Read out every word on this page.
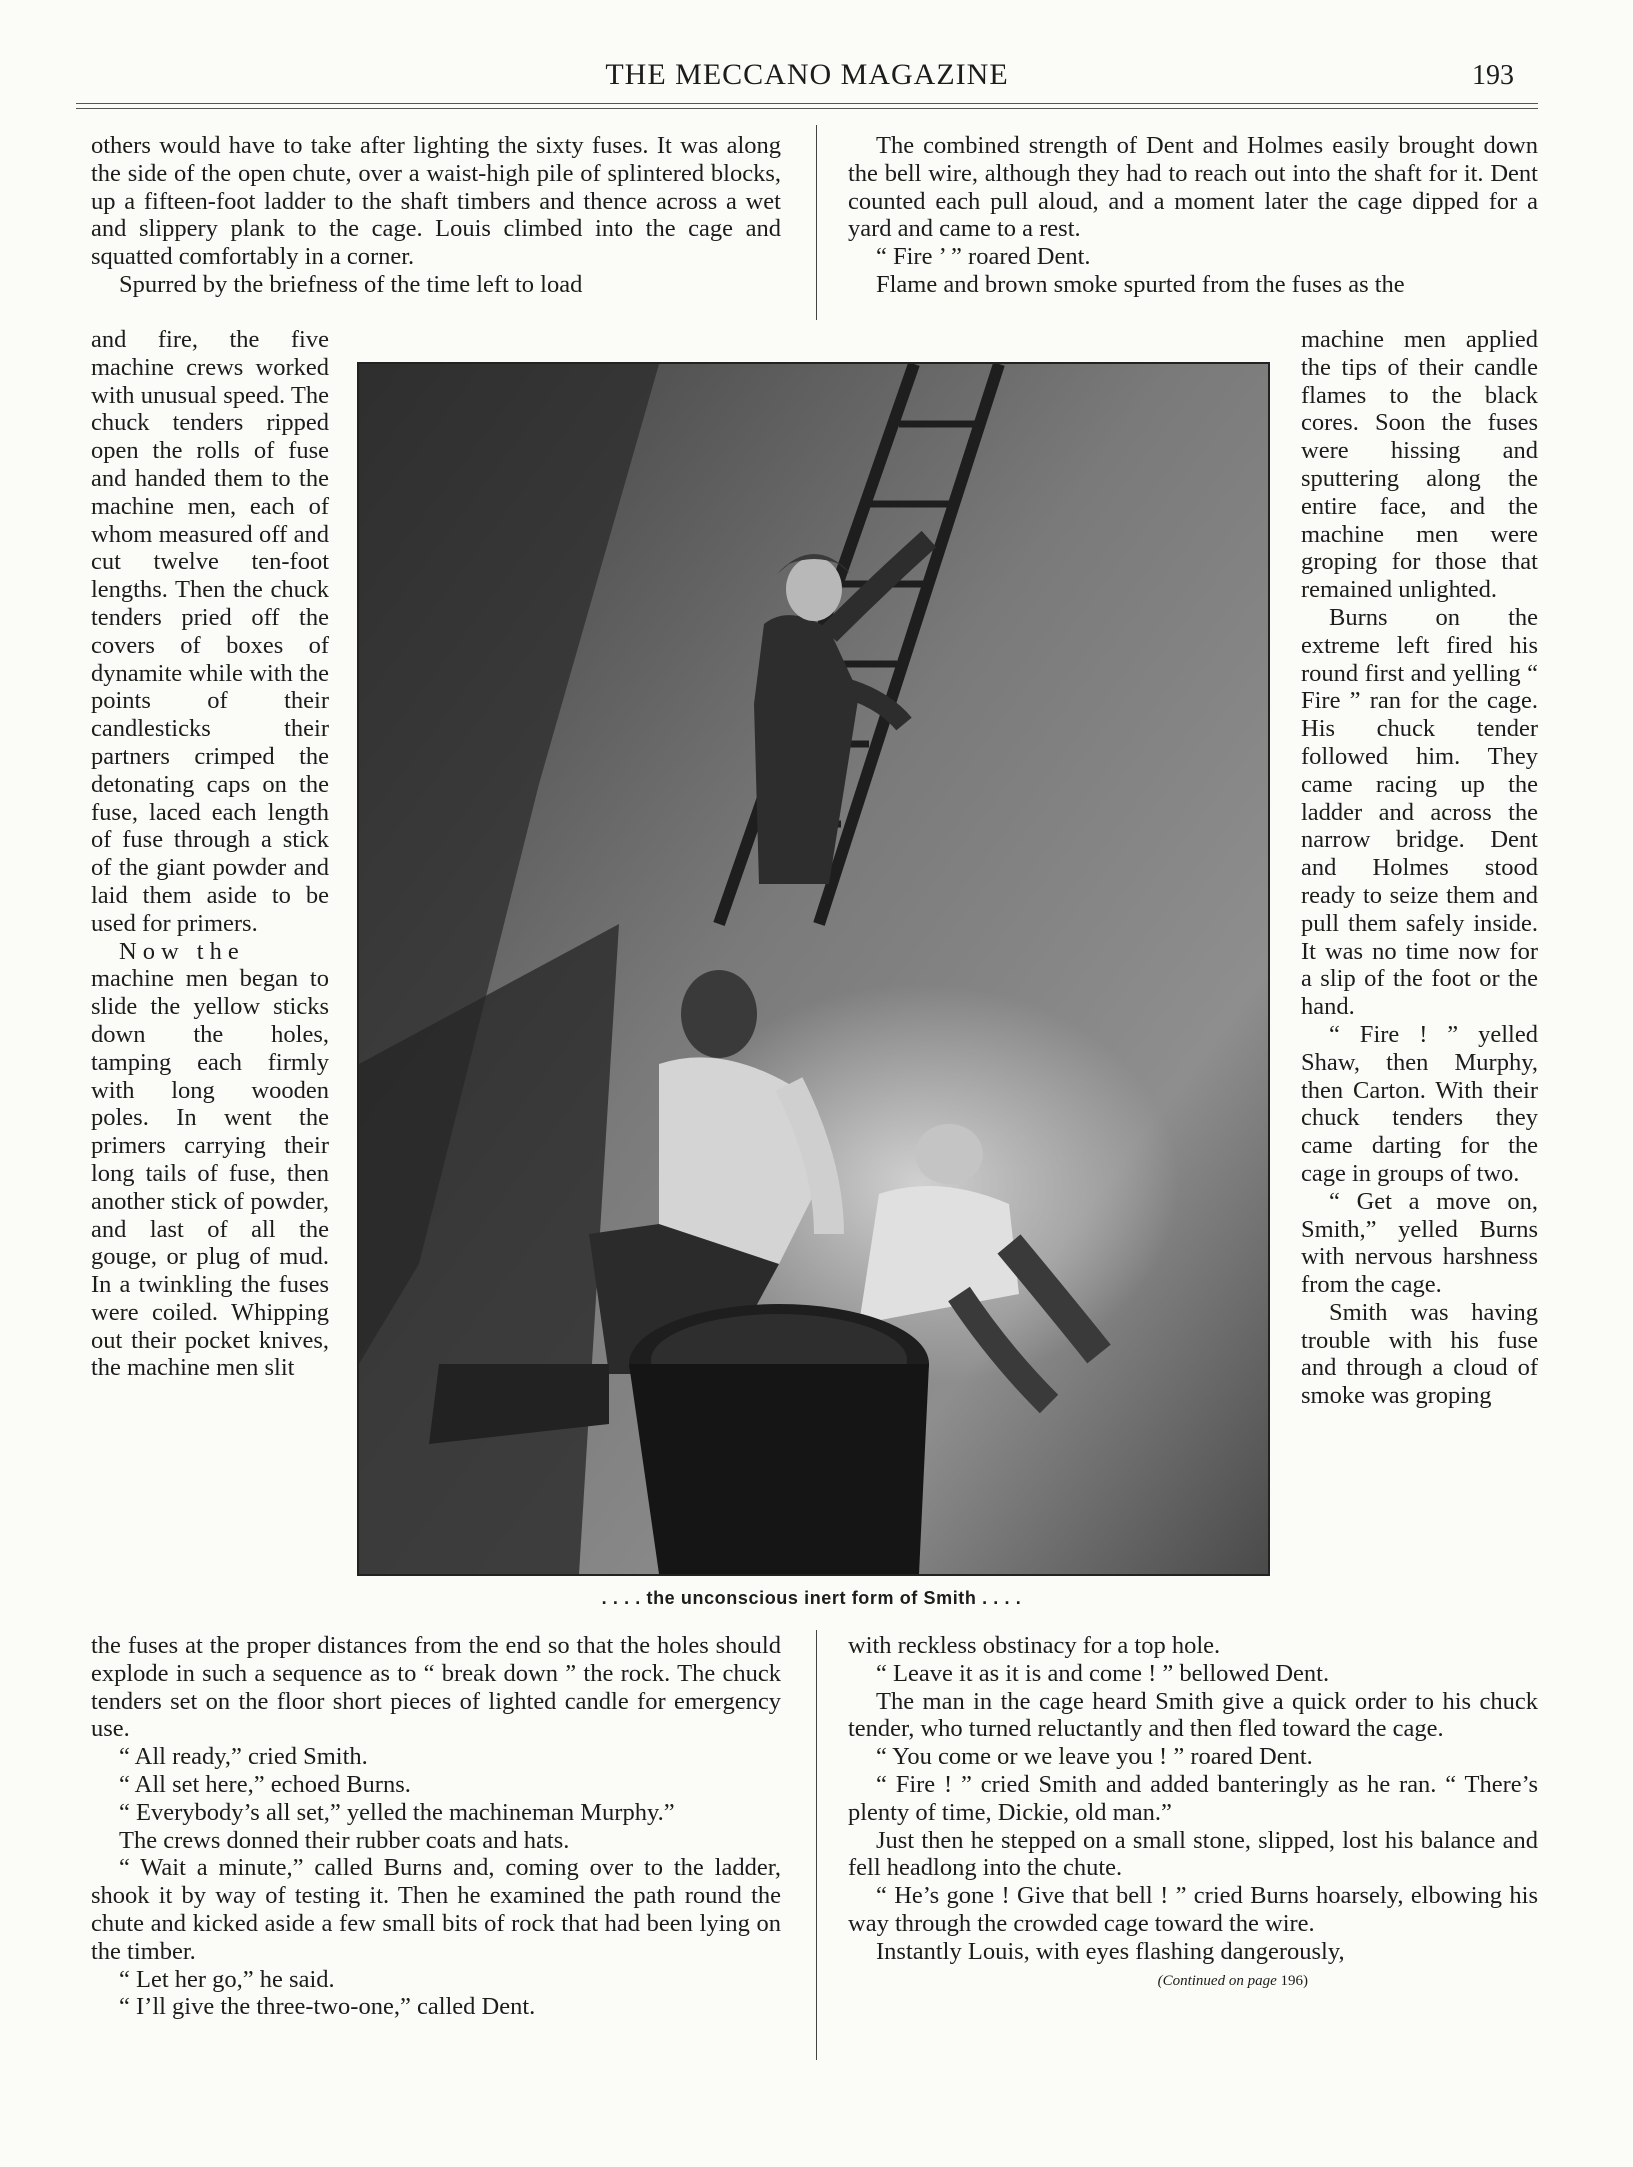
THE MECCANO MAGAZINE	193

others would have to take after lighting the sixty fuses. It was along the side of the open chute, over a waist-high pile of splintered blocks, up a fifteen-foot ladder to the shaft timbers and thence across a wet and slippery plank to the cage. Louis climbed into the cage and squatted comfortably in a corner.

Spurred by the briefness of the time left to load

and fire, the five machine crews worked with unusual speed. The chuck tenders ripped open the rolls of fuse and handed them to the machine men, each of whom measured off and cut twelve ten-foot lengths. Then the chuck tenders pried off the covers of boxes of dynamite while with the points of their candlesticks their partners crimped the detonating caps on the fuse, laced each length of fuse through a stick of the giant powder and laid them aside to be used for primers.

Now the

machine men began to slide the yellow sticks down the holes, tamping each firmly with long wooden poles. In went the primers carrying their long tails of fuse, then another stick of powder, and last of all the gouge, or plug of mud. In a twinkling the fuses were coiled. Whipping out their pocket knives, the machine men slit

the fuses at the proper distances from the end so that the holes should explode in such a sequence as to “ break down ” the rock. The chuck tenders set on the floor short pieces of lighted candle for emergency use.

“ All ready,” cried Smith.

“ All set here,” echoed Burns.

“ Everybody’s all set,” yelled the machineman Murphy.”

The crews donned their rubber coats and hats.

“ Wait a minute,” called Burns and, coming over to the ladder, shook it by way of testing it. Then he examined the path round the chute and kicked aside a few small bits of rock that had been lying on the timber.

“ Let her go,” he said.

“ I’ll give the three-two-one,” called Dent.

The combined strength of Dent and Holmes easily brought down the bell wire, although they had to reach out into the shaft for it. Dent counted each pull aloud, and a moment later the cage dipped for a yard and came to a rest.

“ Fire ’ ” roared Dent.

Flame and brown smoke spurted from the fuses as the

machine men applied the tips of their candle flames to the black cores. Soon the fuses were hissing and sputtering along the entire face, and the machine men were groping for those that remained unlighted.

Burns on the extreme left fired his round first and yelling “ Fire ” ran for the cage. His chuck tender followed him. They came racing up the ladder and across the narrow bridge. Dent and Holmes stood ready to seize them and pull them safely inside. It was no time now for a slip of the foot or the hand.

“ Fire ! ” yelled Shaw, then Murphy, then Carton. With their chuck tenders they came darting for the cage in groups of two.

“ Get a move on, Smith,” yelled Burns with nervous harshness from the cage.

Smith was having trouble with his fuse and through a cloud of smoke was groping

with reckless obstinacy for a top hole.

“ Leave it as it is and come ! ” bellowed Dent.

The man in the cage heard Smith give a quick order to his chuck tender, who turned reluctantly and then fled toward the cage.

“ You come or we leave you ! ” roared Dent.

“ Fire ! ” cried Smith and added banteringly as he ran. “ There’s plenty of time, Dickie, old man.”

Just then he stepped on a small stone, slipped, lost his balance and fell headlong into the chute.

“ He’s gone ! Give that bell ! ” cried Burns hoarsely, elbowing his way through the crowded cage toward the wire.

Instantly Louis, with eyes flashing dangerously,

(Continued on page 196)
. . . . the unconscious inert form of Smith . . . .
